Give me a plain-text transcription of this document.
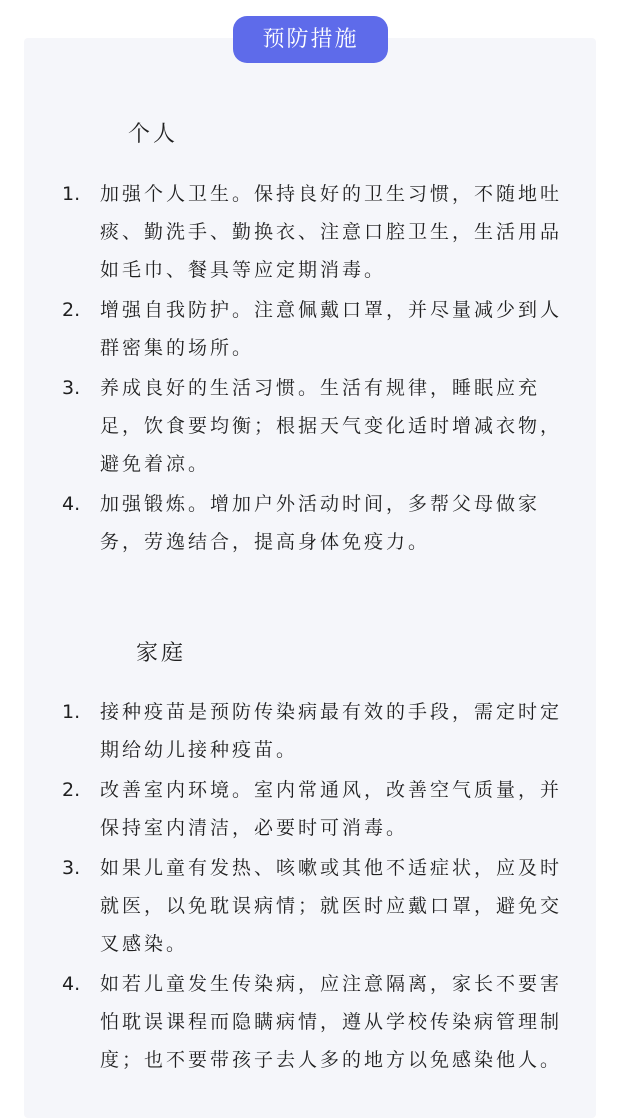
预防措施
个人
1.	加强个人卫生。保持良好的卫生习惯，不随地吐痰、勤洗手、勤换衣、注意口腔卫生，生活用品如毛巾、餐具等应定期消毒。
2.	增强自我防护。注意佩戴口罩，并尽量减少到人群密集的场所。
3.	养成良好的生活习惯。生活有规律，睡眠应充足，饮食要均衡；根据天气变化适时增减衣物，避免着凉。
4.	加强锻炼。增加户外活动时间，多帮父母做家务，劳逸结合，提高身体免疫力。
家庭
1.	接种疫苗是预防传染病最有效的手段，需定时定期给幼儿接种疫苗。
2.	改善室内环境。室内常通风，改善空气质量，并保持室内清洁，必要时可消毒。
3.	如果儿童有发热、咳嗽或其他不适症状，应及时就医，以免耽误病情；就医时应戴口罩，避免交叉感染。
4.	如若儿童发生传染病，应注意隔离，家长不要害怕耽误课程而隐瞒病情，遵从学校传染病管理制度；也不要带孩子去人多的地方以免感染他人。
